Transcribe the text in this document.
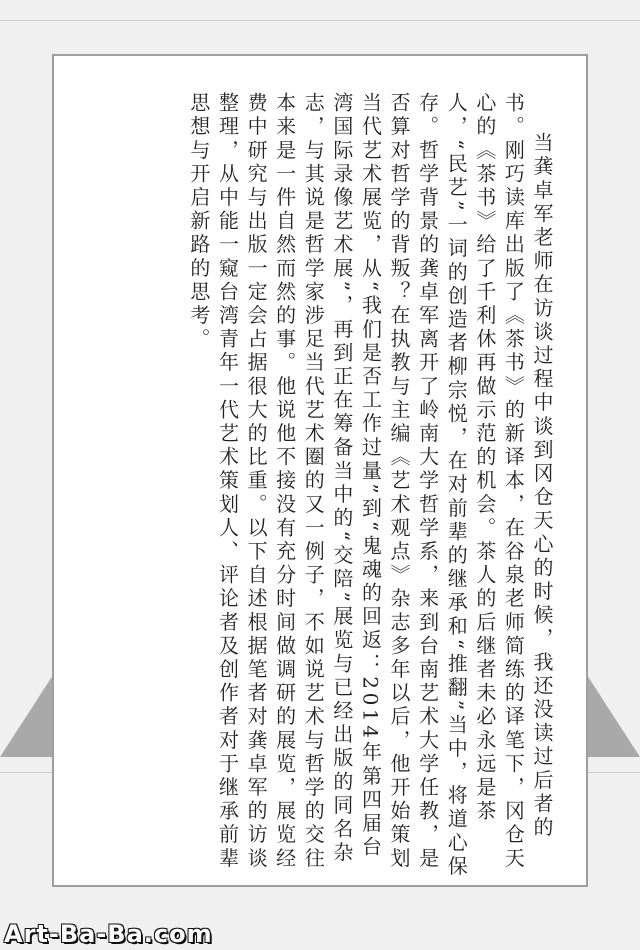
当龚卓军老师在访谈过程中谈到冈仓天心的时候，我还没读过后者的书。刚巧读库出版了《茶书》的新译本，在谷泉老师简练的译笔下，冈仓天心的《茶书》给了千利休再做示范的机会。茶人的后继者未必永远是茶人，“民艺”一词的创造者柳宗悦，在对前辈的继承和“推翻”当中，将道心保存。哲学背景的龚卓军离开了岭南大学哲学系，来到台南艺术大学任教，是否算对哲学的背叛？在执教与主编《艺术观点》杂志多年以后，他开始策划当代艺术展览，从“我们是否工作过量”到“鬼魂的回返：2014年第四届台湾国际录像艺术展”，再到正在筹备当中的“交陪”展览与已经出版的同名杂志，与其说是哲学家涉足当代艺术圈的又一例子，不如说艺术与哲学的交往本来是一件自然而然的事。他说他不接没有充分时间做调研的展览，展览经费中研究与出版一定会占据很大的比重。以下自述根据笔者对龚卓军的访谈整理，从中能一窥台湾青年一代艺术策划人、评论者及创作者对于继承前辈思想与开启新路的思考。

Art-Ba-Ba.com
